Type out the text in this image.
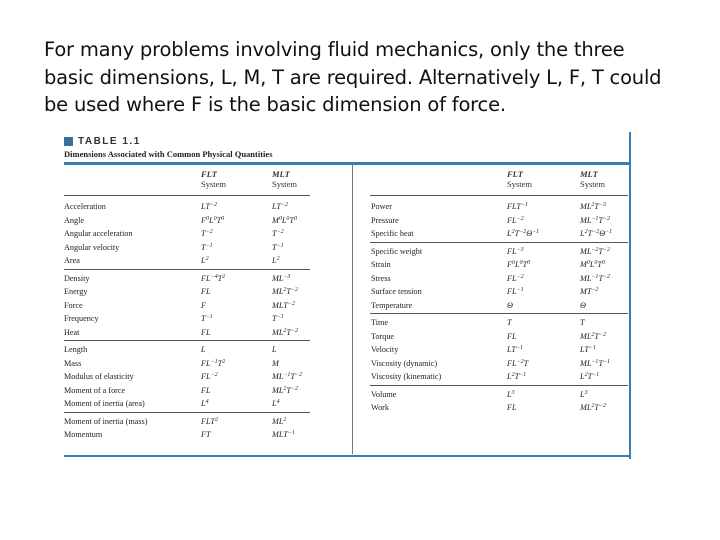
For many problems involving fluid mechanics, only the three
basic dimensions, L, M, T are required. Alternatively L, F, T could
be used where F is the basic dimension of force.

TABLE 1.1
Dimensions Associated with Common Physical Quantities
FLT
System
MLT
System
FLT
System
MLT
System
Acceleration
Angle
Angular acceleration
Angular velocity
Area
Density
Energy
Force
Frequency
Heat
Length
Mass
Modulus of elasticity
Moment of a force
Moment of inertia (area)
Moment of inertia (mass)
Momentum
$LT^{-2}$
$F^0L^0T^0$
$T^{-2}$
$T^{-1}$
$L^2$
$FL^{-4}T^2$
FL
F
$T^{-1}$
FL
L
$FL^{-1}T^2$
$FL^{-2}$
FL
$L^4$
FLT$^2$
FT
$LT^{-2}$
$M^0L^0T^0$
$T^{-2}$
$T^{-1}$
$L^2$
$ML^{-3}$
$ML^2T^{-2}$
$MLT^{-2}$
$T^{-1}$
$ML^2T^{-2}$
L
M
$ML^{-1}T^{-2}$
$ML^2T^{-2}$
$L^4$
$ML^2$
$MLT^{-1}$
Power
Pressure
Specific heat
Specific weight
Strain
Stress
Surface tension
Temperature
Time
Torque
Velocity
Viscosity (dynamic)
Viscosity (kinematic)
Volume
Work
$FLT^{-1}$
$FL^{-2}$
$L^2T^{-2}\Theta^{-1}$
$FL^{-3}$
$F^0L^0T^0$
$FL^{-2}$
$FL^{-1}$
Θ
T
FL
$LT^{-1}$
$FL^{-2}T$
$L^2T^{-1}$
$L^3$
FL
$ML^2T^{-3}$
$ML^{-1}T^{-2}$
$L^2T^{-2}\Theta^{-1}$
$ML^{-2}T^{-2}$
$M^0L^0T^0$
$ML^{-1}T^{-2}$
$MT^{-2}$
Θ
T
$ML^2T^{-2}$
$LT^{-1}$
$ML^{-1}T^{-1}$
$L^2T^{-1}$
$L^3$
$ML^2T^{-2}$
